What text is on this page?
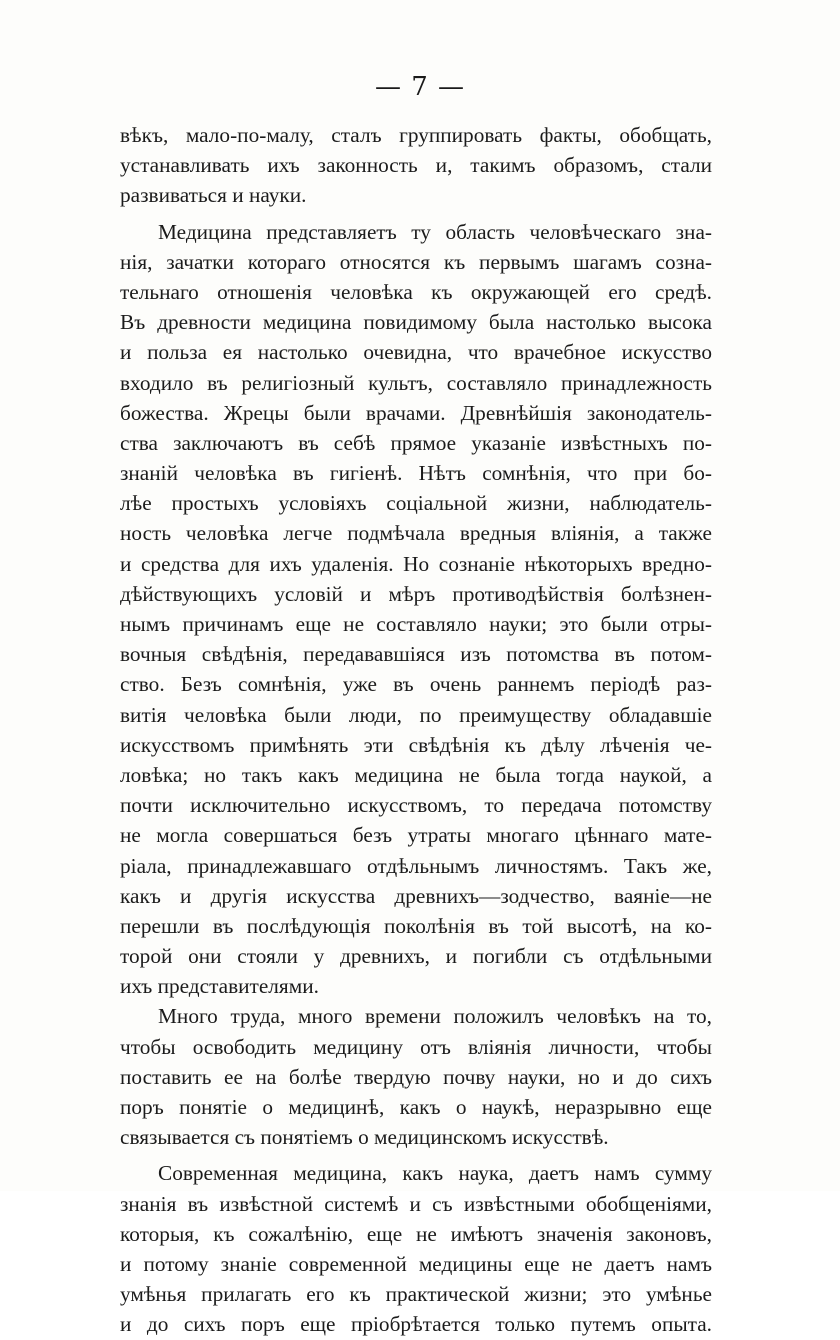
— 7 —
вѣкъ, мало-по-малу, сталъ группировать факты, обобщать,
устанавливать ихъ законность и, такимъ образомъ, стали
развиваться и науки.
Медицина представляетъ ту область человѣческаго зна-
нія, зачатки котораго относятся къ первымъ шагамъ созна-
тельнаго отношенія человѣка къ окружающей его средѣ.
Въ древности медицина повидимому была настолько высока
и польза ея настолько очевидна, что врачебное искусство
входило въ религіозный культъ, составляло принадлежность
божества. Жрецы были врачами. Древнѣйшія законодатель-
ства заключаютъ въ себѣ прямое указаніе извѣстныхъ по-
знаній человѣка въ гигіенѣ. Нѣтъ сомнѣнія, что при бо-
лѣе простыхъ условіяхъ соціальной жизни, наблюдатель-
ность человѣка легче подмѣчала вредныя вліянія, а также
и средства для ихъ удаленія. Но сознаніе нѣкоторыхъ вредно-
дѣйствующихъ условій и мѣръ противодѣйствія болѣзнен-
нымъ причинамъ еще не составляло науки; это были отры-
вочныя свѣдѣнія, передававшіяся изъ потомства въ потом-
ство. Безъ сомнѣнія, уже въ очень раннемъ періодѣ раз-
витія человѣка были люди, по преимуществу обладавшіе
искусствомъ примѣнять эти свѣдѣнія къ дѣлу лѣченія че-
ловѣка; но такъ какъ медицина не была тогда наукой, а
почти исключительно искусствомъ, то передача потомству
не могла совершаться безъ утраты многаго цѣннаго мате-
ріала, принадлежавшаго отдѣльнымъ личностямъ. Такъ же,
какъ и другія искусства древнихъ—зодчество, ваяніе—не
перешли въ послѣдующія поколѣнія въ той высотѣ, на ко-
торой они стояли у древнихъ, и погибли съ отдѣльными
ихъ представителями.
Много труда, много времени положилъ человѣкъ на то,
чтобы освободить медицину отъ вліянія личности, чтобы
поставить ее на болѣе твердую почву науки, но и до сихъ
поръ понятіе о медицинѣ, какъ о наукѣ, неразрывно еще
связывается съ понятіемъ о медицинскомъ искусствѣ.
Современная медицина, какъ наука, даетъ намъ сумму
знанія въ извѣстной системѣ и съ извѣстными обобщеніями,
которыя, къ сожалѣнію, еще не имѣютъ значенія законовъ,
и потому знаніе современной медицины еще не даетъ намъ
умѣнья прилагать его къ практической жизни; это умѣнье
и до сихъ поръ еще пріобрѣтается только путемъ опыта.
